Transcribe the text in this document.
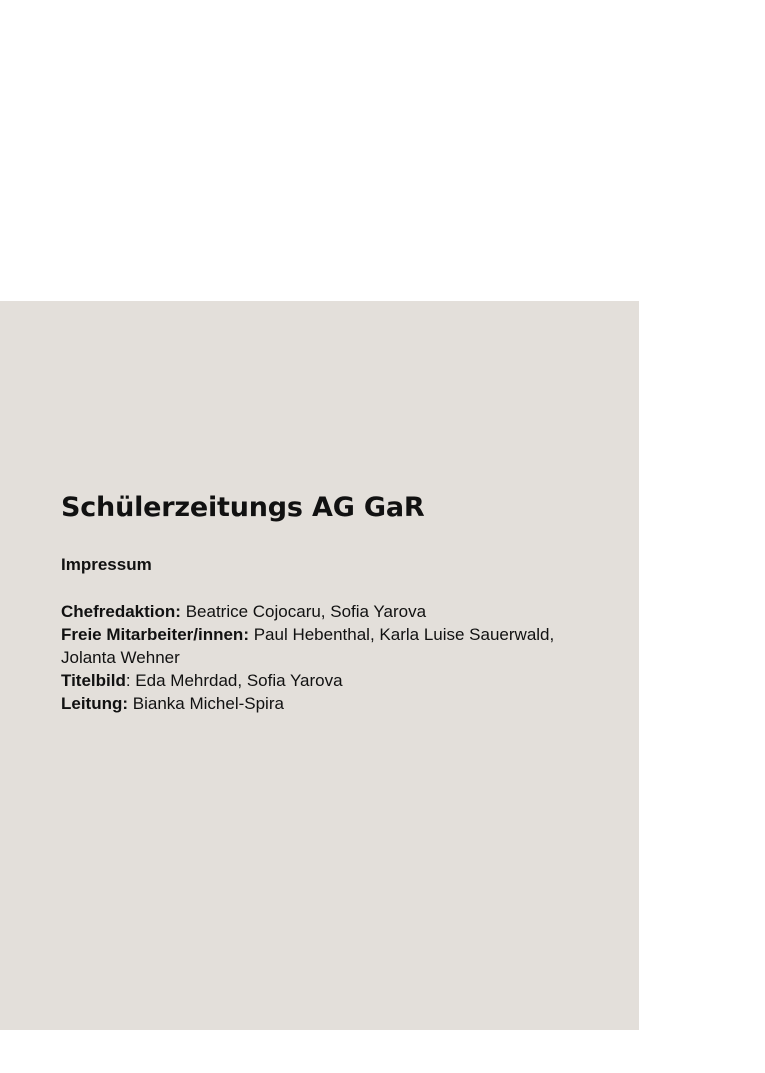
Schülerzeitungs AG GaR
Impressum
Chefredaktion: Beatrice Cojocaru, Sofia Yarova
Freie Mitarbeiter/innen: Paul Hebenthal, Karla Luise Sauerwald, Jolanta Wehner
Titelbild: Eda Mehrdad, Sofia Yarova
Leitung: Bianka Michel-Spira
